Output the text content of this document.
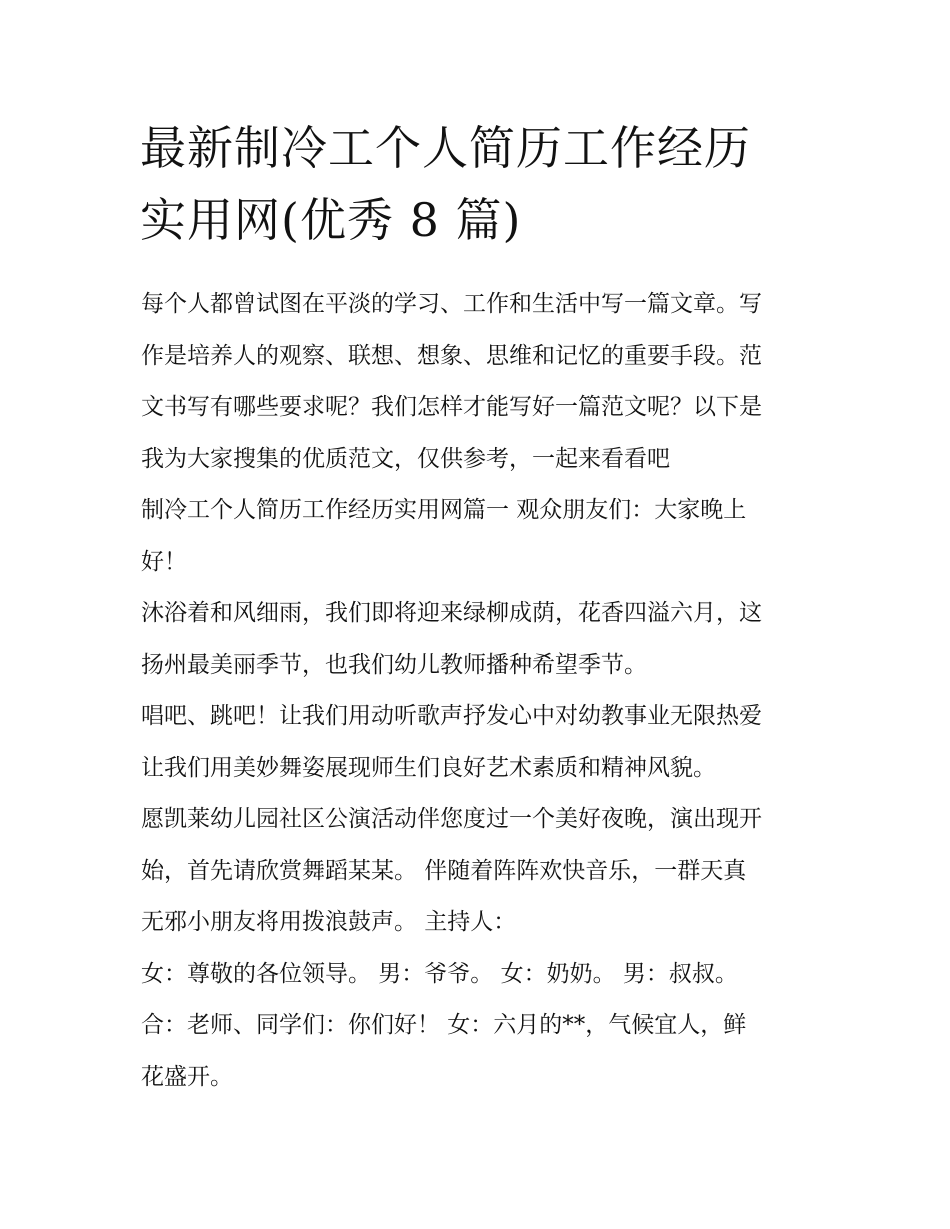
最新制冷工个人简历工作经历
实用网(优秀 8 篇)
每个人都曾试图在平淡的学习、工作和生活中写一篇文章。写
作是培养人的观察、联想、想象、思维和记忆的重要手段。范
文书写有哪些要求呢？我们怎样才能写好一篇范文呢？以下是
我为大家搜集的优质范文，仅供参考，一起来看看吧
制冷工个人简历工作经历实用网篇一 观众朋友们：大家晚上
好！
沐浴着和风细雨，我们即将迎来绿柳成荫，花香四溢六月，这
扬州最美丽季节，也我们幼儿教师播种希望季节。
唱吧、跳吧！让我们用动听歌声抒发心中对幼教事业无限热爱
让我们用美妙舞姿展现师生们良好艺术素质和精神风貌。
愿凯莱幼儿园社区公演活动伴您度过一个美好夜晚，演出现开
始，首先请欣赏舞蹈某某。 伴随着阵阵欢快音乐，一群天真
无邪小朋友将用拨浪鼓声。 主持人：
女：尊敬的各位领导。 男：爷爷。 女：奶奶。 男：叔叔。
合：老师、同学们：你们好！ 女：六月的**，气候宜人，鲜
花盛开。
